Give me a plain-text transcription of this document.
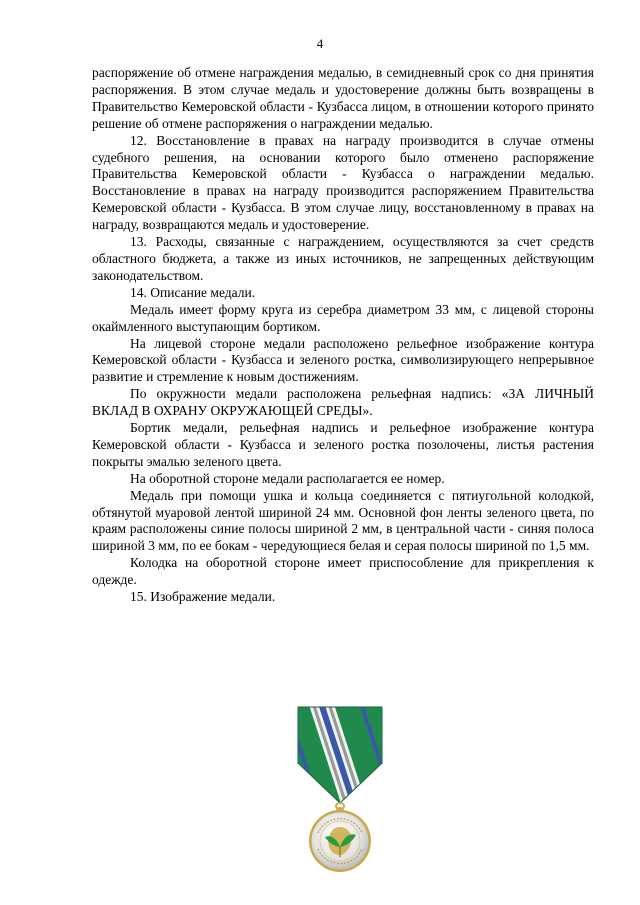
4

распоряжение об отмене награждения медалью, в семидневный срок со дня принятия распоряжения. В этом случае медаль и удостоверение должны быть возвращены в Правительство Кемеровской области - Кузбасса лицом, в отношении которого принято решение об отмене распоряжения о награждении медалью.

12. Восстановление в правах на награду производится в случае отмены судебного решения, на основании которого было отменено распоряжение Правительства Кемеровской области - Кузбасса о награждении медалью. Восстановление в правах на награду производится распоряжением Правительства Кемеровской области - Кузбасса. В этом случае лицу, восстановленному в правах на награду, возвращаются медаль и удостоверение.

13. Расходы, связанные с награждением, осуществляются за счет средств областного бюджета, а также из иных источников, не запрещенных действующим законодательством.

14. Описание медали.

Медаль имеет форму круга из серебра диаметром 33 мм, с лицевой стороны окаймленного выступающим бортиком.

На лицевой стороне медали расположено рельефное изображение контура Кемеровской области - Кузбасса и зеленого ростка, символизирующего непрерывное развитие и стремление к новым достижениям.

По окружности медали расположена рельефная надпись: «ЗА ЛИЧНЫЙ ВКЛАД В ОХРАНУ ОКРУЖАЮЩЕЙ СРЕДЫ».

Бортик медали, рельефная надпись и рельефное изображение контура Кемеровской области - Кузбасса и зеленого ростка позолочены, листья растения покрыты эмалью зеленого цвета.

На оборотной стороне медали располагается ее номер.

Медаль при помощи ушка и кольца соединяется с пятиугольной колодкой, обтянутой муаровой лентой шириной 24 мм. Основной фон ленты зеленого цвета, по краям расположены синие полосы шириной 2 мм, в центральной части - синяя полоса шириной 3 мм, по ее бокам - чередующиеся белая и серая полосы шириной по 1,5 мм.

Колодка на оборотной стороне имеет приспособление для прикрепления к одежде.

15. Изображение медали.
